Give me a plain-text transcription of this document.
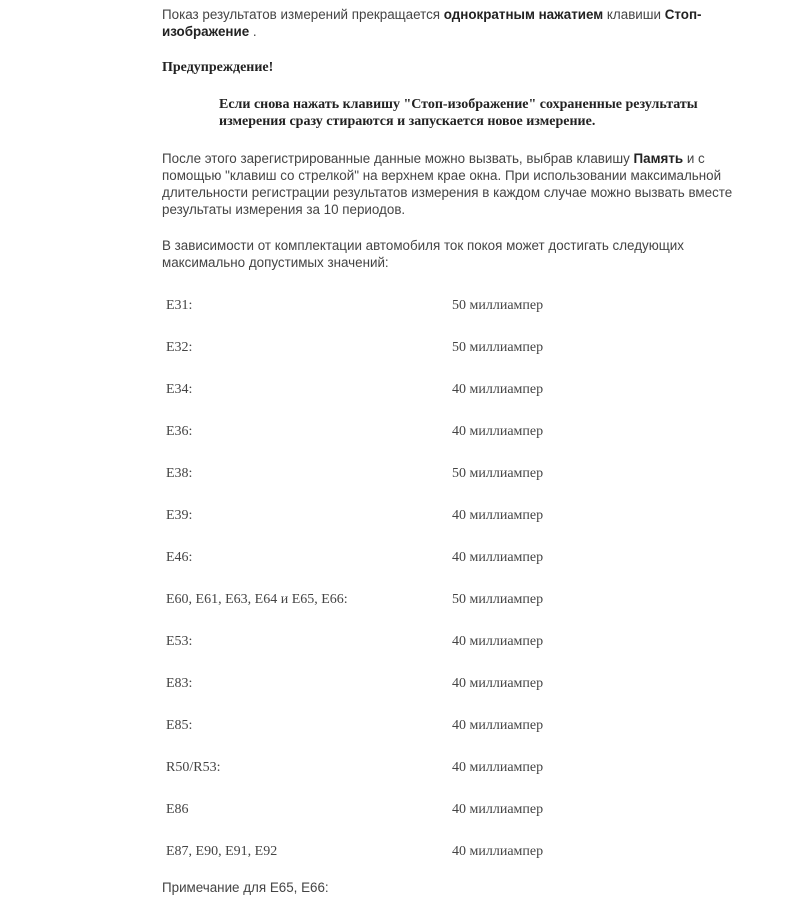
Показ результатов измерений прекращается однократным нажатием клавиши Стоп-изображение .

Предупреждение!

Если снова нажать клавишу "Стоп-изображение" сохраненные результаты измерения сразу стираются и запускается новое измерение.

После этого зарегистрированные данные можно вызвать, выбрав клавишу Память и с помощью "клавиш со стрелкой" на верхнем крае окна. При использовании максимальной длительности регистрации результатов измерения в каждом случае можно вызвать вместе результаты измерения за 10 периодов.

В зависимости от комплектации автомобиля ток покоя может достигать следующих максимально допустимых значений:

E31:	50 миллиампер
E32:	50 миллиампер
E34:	40 миллиампер
E36:	40 миллиампер
E38:	50 миллиампер
E39:	40 миллиампер
E46:	40 миллиампер
E60, E61, E63, E64 и E65, E66:	50 миллиампер
E53:	40 миллиампер
E83:	40 миллиампер
E85:	40 миллиампер
R50/R53:	40 миллиампер
E86	40 миллиампер
E87, E90, E91, E92	40 миллиампер

Примечание для E65, E66:
